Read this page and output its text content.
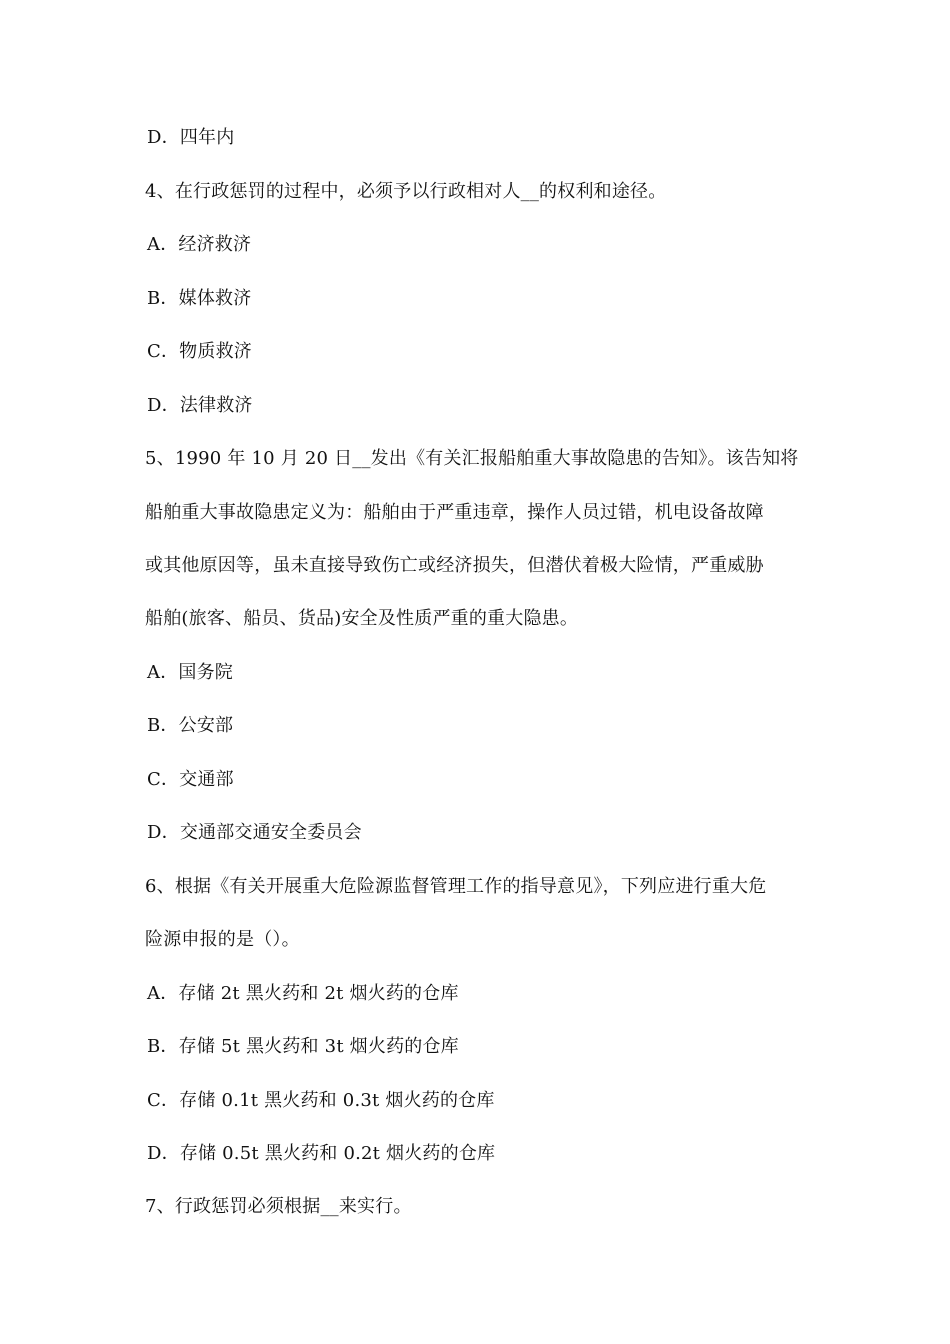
D．四年内
4、在行政惩罚的过程中，必须予以行政相对人__的权利和途径。
A．经济救济
B．媒体救济
C．物质救济
D．法律救济
5、1990 年 10 月 20 日__发出《有关汇报船舶重大事故隐患的告知》。该告知将
船舶重大事故隐患定义为：船舶由于严重违章，操作人员过错，机电设备故障
或其他原因等，虽未直接导致伤亡或经济损失，但潜伏着极大险情，严重威胁
船舶(旅客、船员、货品)安全及性质严重的重大隐患。
A．国务院
B．公安部
C．交通部
D．交通部交通安全委员会
6、根据《有关开展重大危险源监督管理工作的指导意见》，下列应进行重大危
险源申报的是（）。
A．存储 2t 黑火药和 2t 烟火药的仓库
B．存储 5t 黑火药和 3t 烟火药的仓库
C．存储 0.1t 黑火药和 0.3t 烟火药的仓库
D．存储 0.5t 黑火药和 0.2t 烟火药的仓库
7、行政惩罚必须根据__来实行。
